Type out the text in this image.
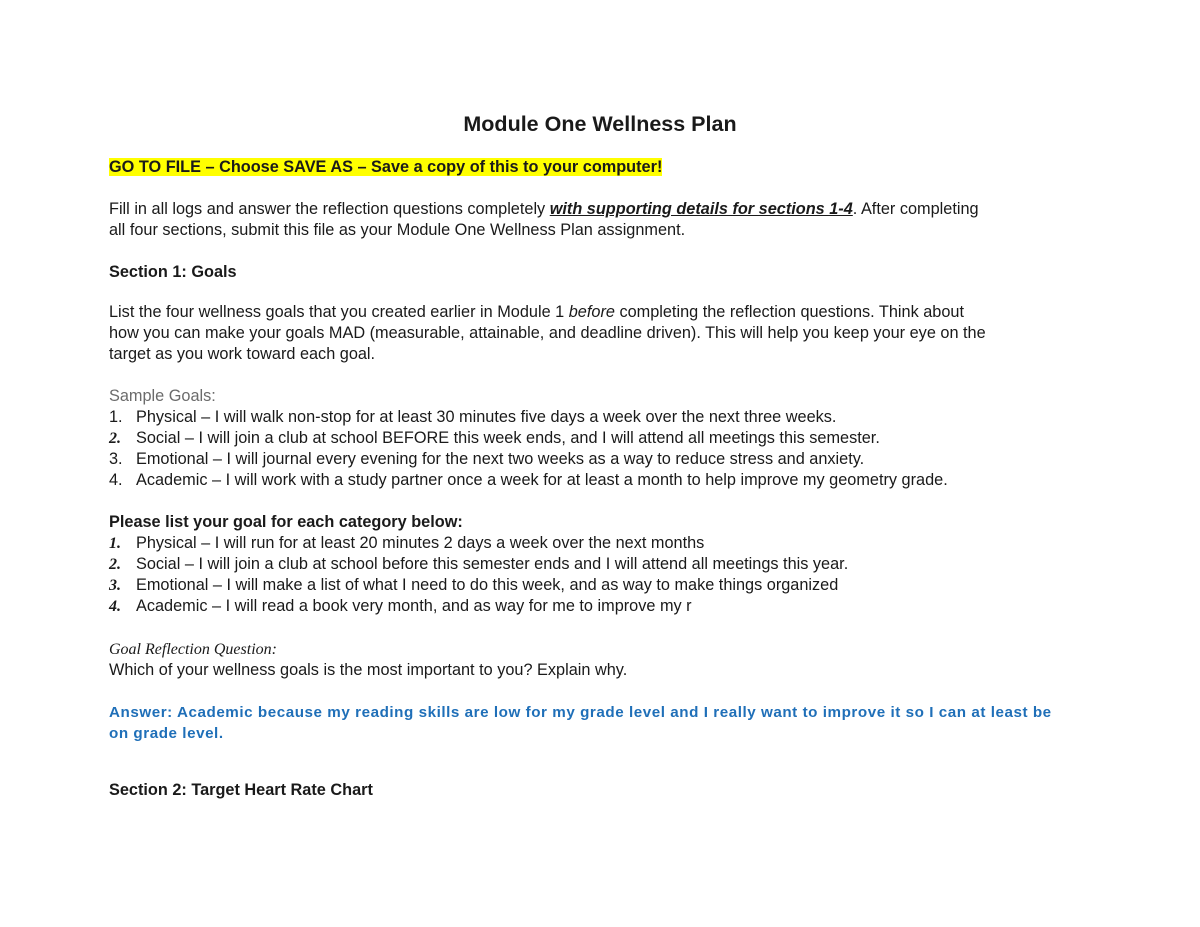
Module One Wellness Plan
GO TO FILE – Choose SAVE AS – Save a copy of this to your computer!
Fill in all logs and answer the reflection questions completely with supporting details for sections 1-4. After completing
all four sections, submit this file as your Module One Wellness Plan assignment.
Section 1: Goals
List the four wellness goals that you created earlier in Module 1 before completing the reflection questions. Think about
how you can make your goals MAD (measurable, attainable, and deadline driven). This will help you keep your eye on the
target as you work toward each goal.
Sample Goals:
1. Physical – I will walk non-stop for at least 30 minutes five days a week over the next three weeks.
2. Social – I will join a club at school BEFORE this week ends, and I will attend all meetings this semester.
3. Emotional – I will journal every evening for the next two weeks as a way to reduce stress and anxiety.
4. Academic – I will work with a study partner once a week for at least a month to help improve my geometry grade.
Please list your goal for each category below:
1. Physical – I will run for at least 20 minutes 2 days a week over the next months
2. Social – I will join a club at school before this semester ends and I will attend all meetings this year.
3. Emotional – I will make a list of what I need to do this week, and as way to make things organized
4. Academic – I will read a book very month, and as way for me to improve my r
Goal Reflection Question:
Which of your wellness goals is the most important to you? Explain why.
Answer: Academic because my reading skills are low for my grade level and I really want to improve it so I can at least be
on grade level.
Section 2: Target Heart Rate Chart
